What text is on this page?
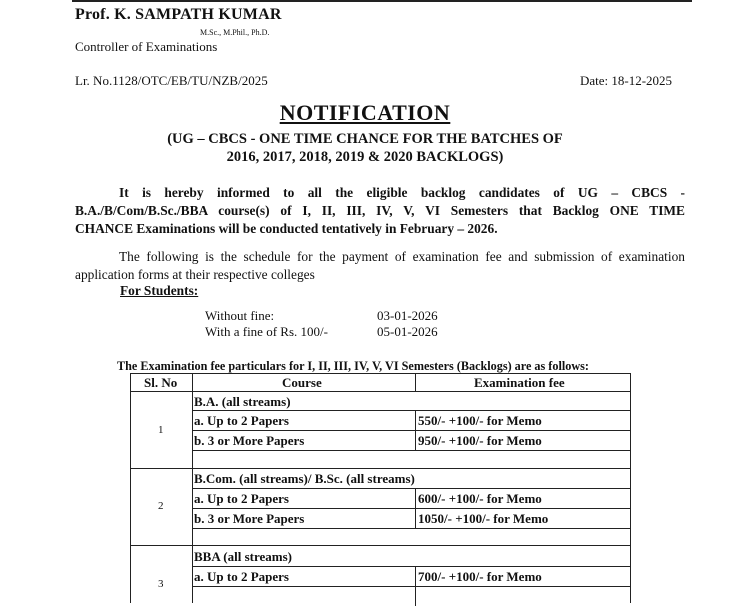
Prof. K. SAMPATH KUMAR
M.Sc., M.Phil., Ph.D.
Controller of Examinations
Lr. No.1128/OTC/EB/TU/NZB/2025	Date: 18-12-2025
NOTIFICATION
(UG – CBCS - ONE TIME CHANCE FOR THE BATCHES OF
2016, 2017, 2018, 2019 & 2020 BACKLOGS)
It is hereby informed to all the eligible backlog candidates of UG – CBCS -
B.A./B/Com/B.Sc./BBA course(s) of I, II, III, IV, V, VI Semesters that Backlog ONE TIME
CHANCE Examinations will be conducted tentatively in February – 2026.
The following is the schedule for the payment of examination fee and submission of examination
application forms at their respective colleges
For Students:
Without fine:	03-01-2026
With a fine of Rs. 100/-	05-01-2026
The Examination fee particulars for I, II, III, IV, V, VI Semesters (Backlogs) are as follows:
Sl. No	Course	Examination fee
1
B.A. (all streams)
a. Up to 2 Papers	550/- +100/- for Memo
b. 3 or More Papers	950/- +100/- for Memo
2
B.Com. (all streams)/ B.Sc. (all streams)
a. Up to 2 Papers	600/- +100/- for Memo
b. 3 or More Papers	1050/- +100/- for Memo
3
BBA (all streams)
a. Up to 2 Papers	700/- +100/- for Memo
